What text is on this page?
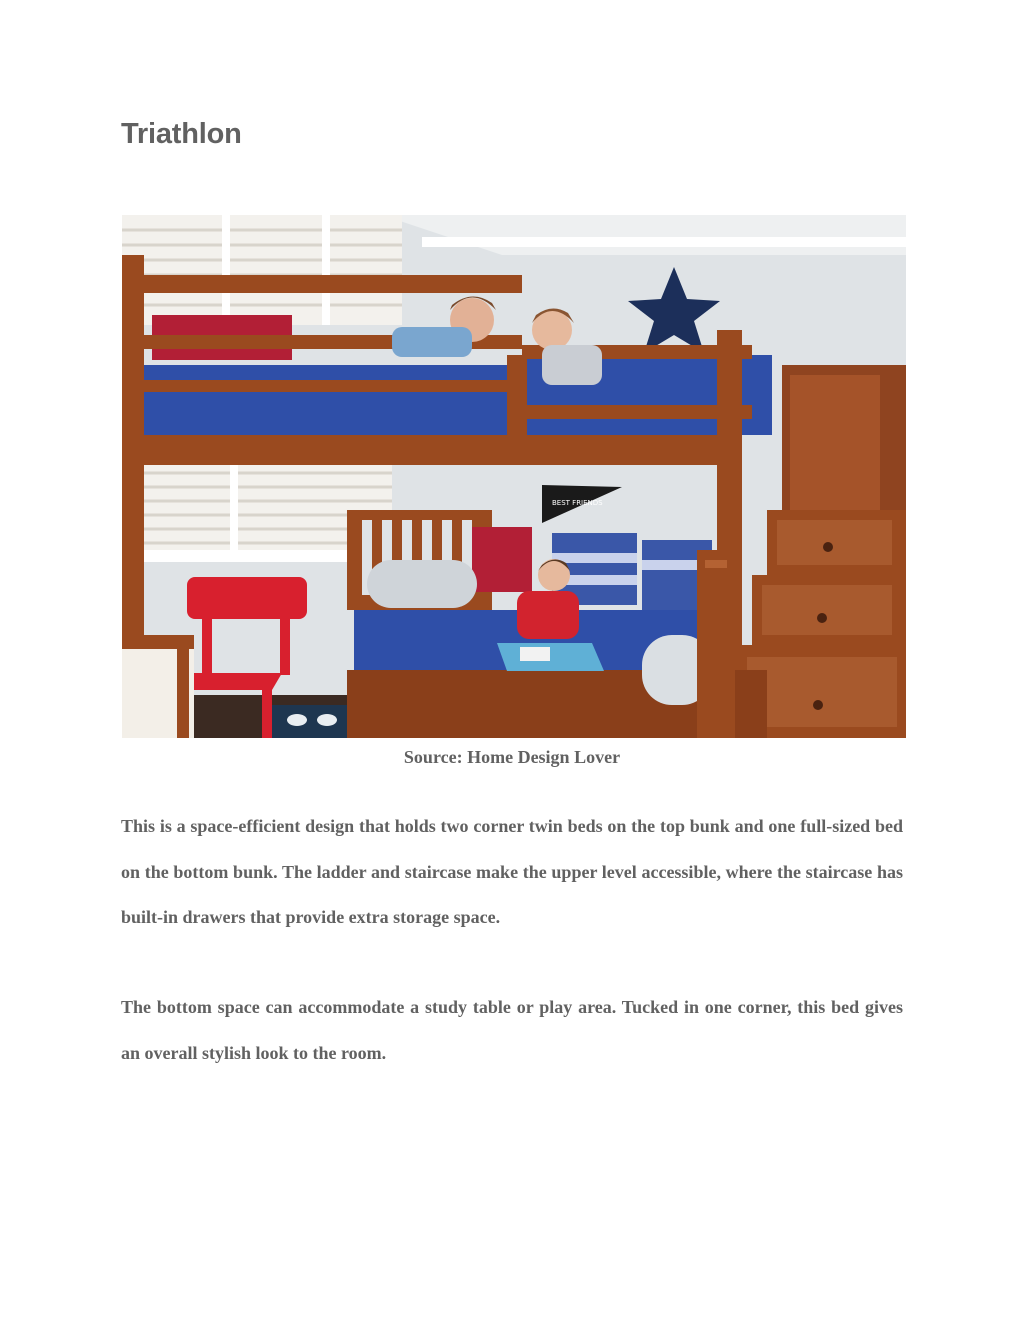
Triathlon
BEST FRIENDS
Source: Home Design Lover

This is a space-efficient design that holds two corner twin beds on the top bunk and one full-sized bed on the bottom bunk. The ladder and staircase make the upper level accessible, where the staircase has built-in drawers that provide extra storage space.

The bottom space can accommodate a study table or play area. Tucked in one corner, this bed gives an overall stylish look to the room.
